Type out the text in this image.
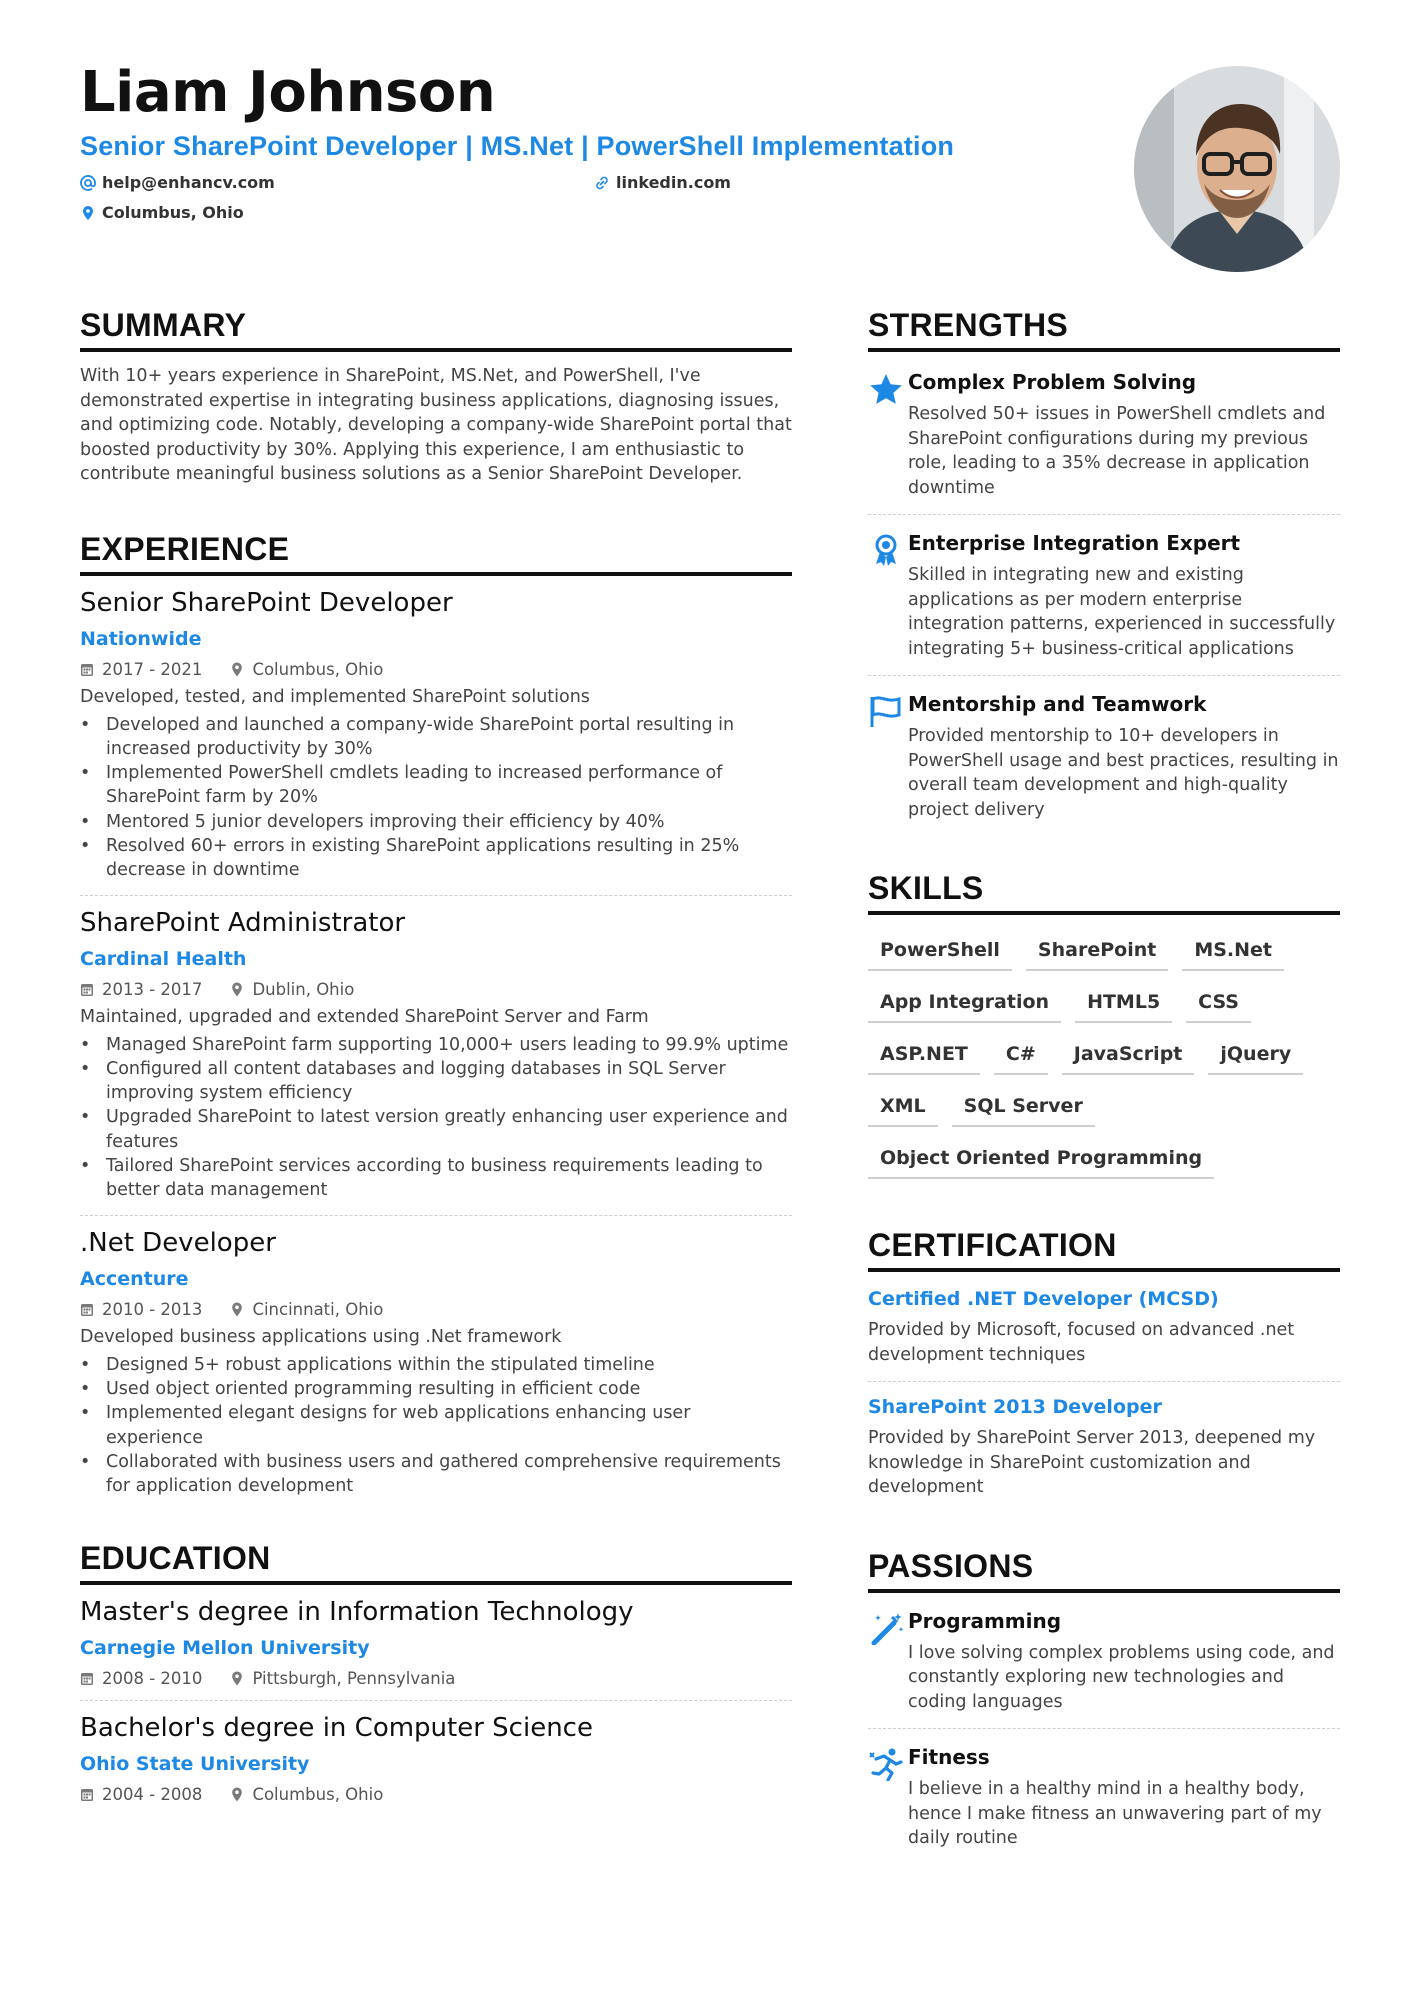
Liam Johnson
Senior SharePoint Developer | MS.Net | PowerShell Implementation
help@enhancv.com	linkedin.com
Columbus, Ohio
SUMMARY
With 10+ years experience in SharePoint, MS.Net, and PowerShell, I've demonstrated expertise in integrating business applications, diagnosing issues, and optimizing code. Notably, developing a company-wide SharePoint portal that boosted productivity by 30%. Applying this experience, I am enthusiastic to contribute meaningful business solutions as a Senior SharePoint Developer.
EXPERIENCE
Senior SharePoint Developer
Nationwide
2017 - 2021	Columbus, Ohio
Developed, tested, and implemented SharePoint solutions
• Developed and launched a company-wide SharePoint portal resulting in increased productivity by 30%
• Implemented PowerShell cmdlets leading to increased performance of SharePoint farm by 20%
• Mentored 5 junior developers improving their efficiency by 40%
• Resolved 60+ errors in existing SharePoint applications resulting in 25% decrease in downtime
SharePoint Administrator
Cardinal Health
2013 - 2017	Dublin, Ohio
Maintained, upgraded and extended SharePoint Server and Farm
• Managed SharePoint farm supporting 10,000+ users leading to 99.9% uptime
• Configured all content databases and logging databases in SQL Server improving system efficiency
• Upgraded SharePoint to latest version greatly enhancing user experience and features
• Tailored SharePoint services according to business requirements leading to better data management
.Net Developer
Accenture
2010 - 2013	Cincinnati, Ohio
Developed business applications using .Net framework
• Designed 5+ robust applications within the stipulated timeline
• Used object oriented programming resulting in efficient code
• Implemented elegant designs for web applications enhancing user experience
• Collaborated with business users and gathered comprehensive requirements for application development
EDUCATION
Master's degree in Information Technology
Carnegie Mellon University
2008 - 2010	Pittsburgh, Pennsylvania
Bachelor's degree in Computer Science
Ohio State University
2004 - 2008	Columbus, Ohio
STRENGTHS
Complex Problem Solving
Resolved 50+ issues in PowerShell cmdlets and SharePoint configurations during my previous role, leading to a 35% decrease in application downtime
Enterprise Integration Expert
Skilled in integrating new and existing applications as per modern enterprise integration patterns, experienced in successfully integrating 5+ business-critical applications
Mentorship and Teamwork
Provided mentorship to 10+ developers in PowerShell usage and best practices, resulting in overall team development and high-quality project delivery
SKILLS
PowerShell	SharePoint	MS.Net
App Integration	HTML5	CSS
ASP.NET	C#	JavaScript	jQuery
XML	SQL Server
Object Oriented Programming
CERTIFICATION
Certified .NET Developer (MCSD)
Provided by Microsoft, focused on advanced .net development techniques
SharePoint 2013 Developer
Provided by SharePoint Server 2013, deepened my knowledge in SharePoint customization and development
PASSIONS
Programming
I love solving complex problems using code, and constantly exploring new technologies and coding languages
Fitness
I believe in a healthy mind in a healthy body, hence I make fitness an unwavering part of my daily routine
